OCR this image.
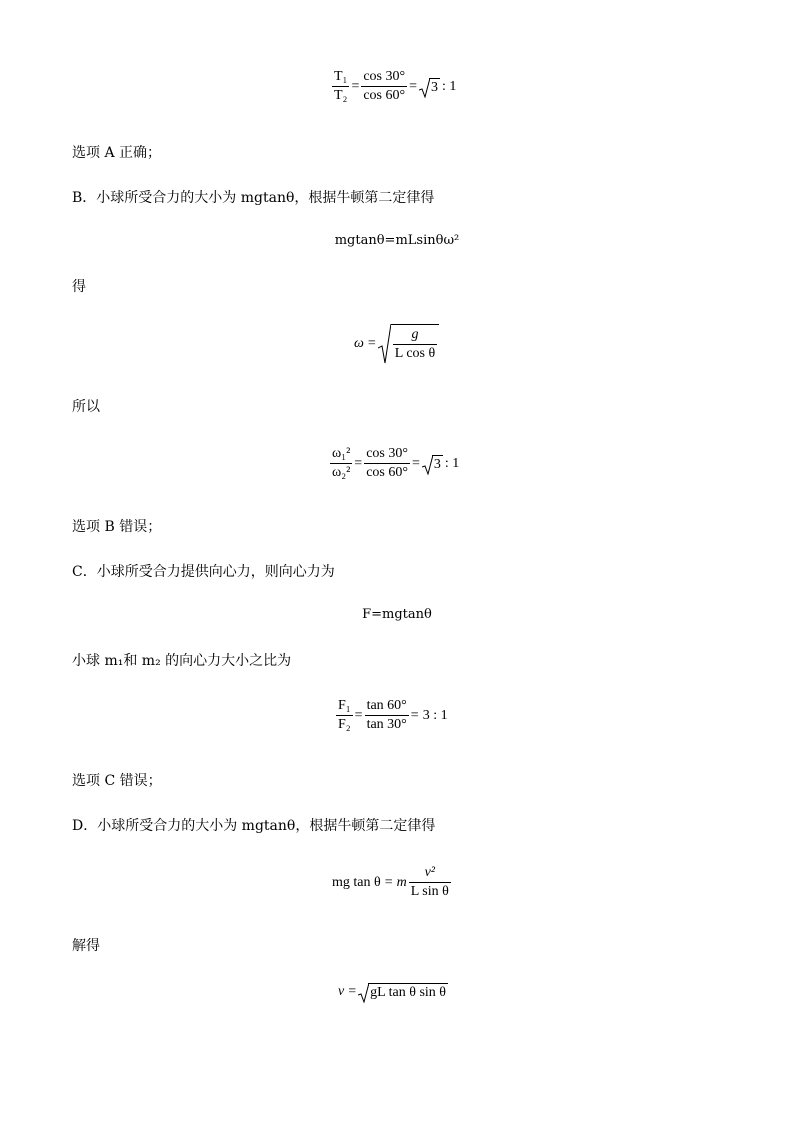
$\frac{\text{T₁}}{\text{T₂}} = \frac{\cos 30^\circ}{\cos 60^\circ} = 3$ : 1
选项 A 正确；
B．小球所受合力的大小为 mgtanθ，根据牛顿第二定律得
mgtanθ=mLsinθω²
得
$\omega = \frac{g}{\text{L cos θ}}$
所以
$\frac{\text{ω₁²}}{\text{ω₂²}} = \frac{\cos 30^\circ}{\cos 60^\circ} = 3$ : 1
选项 B 错误；
C．小球所受合力提供向心力，则向心力为
F=mgtanθ
小球 m₁和 m₂ 的向心力大小之比为
$\frac{\text{F₁}}{\text{F₂}} = \frac{\tan 60^\circ}{\tan 30^\circ} = 3$ : 1
选项 C 错误；
D．小球所受合力的大小为 mgtanθ，根据牛顿第二定律得
mg tan θ = m $\frac{\text{v²}}{\text{L sin θ}}$
解得
v = gL tan θ sin θ
